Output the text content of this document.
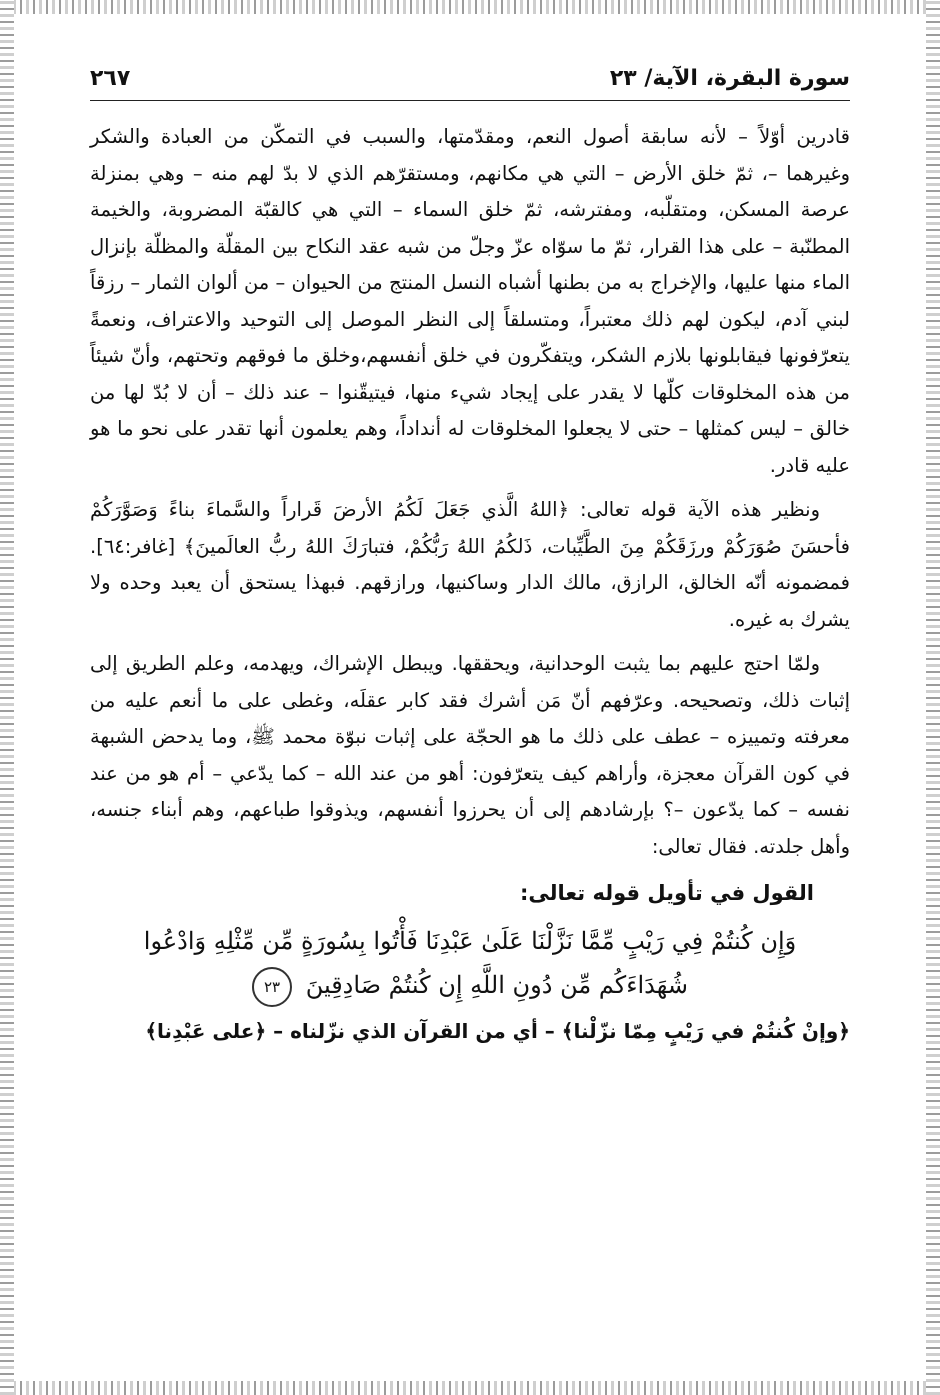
سورة البقرة، الآية/ ٢٣
٢٦٧

قادرين أوّلاً – لأنه سابقة أصول النعم، ومقدّمتها، والسبب في التمكّن من العبادة والشكر وغيرهما –، ثمّ خلق الأرض – التي هي مكانهم، ومستقرّهم الذي لا بدّ لهم منه – وهي بمنزلة عرصة المسكن، ومتقلّبه، ومفترشه، ثمّ خلق السماء – التي هي كالقبّة المضروبة، والخيمة المطنّبة – على هذا القرار، ثمّ ما سوّاه عزّ وجلّ من شبه عقد النكاح بين المقلّة والمظلّة بإنزال الماء منها عليها، والإخراج به من بطنها أشباه النسل المنتج من الحيوان – من ألوان الثمار – رزقاً لبني آدم، ليكون لهم ذلك معتبراً، ومتسلقاً إلى النظر الموصل إلى التوحيد والاعتراف، ونعمةً يتعرّفونها فيقابلونها بلازم الشكر، ويتفكّرون في خلق أنفسهم،وخلق ما فوقهم وتحتهم، وأنّ شيئاً من هذه المخلوقات كلّها لا يقدر على إيجاد شيء منها، فيتيقّنوا – عند ذلك – أن لا بُدّ لها من خالق – ليس كمثلها – حتى لا يجعلوا المخلوقات له أنداداً، وهم يعلمون أنها تقدر على نحو ما هو عليه قادر.

ونظير هذه الآية قوله تعالى: ﴿اللهُ الَّذي جَعَلَ لَكُمُ الأرضَ قَراراً والسَّماءَ بناءً وَصَوَّرَكُمْ فأحسَنَ صُوَرَكُمْ ورزَقَكُمْ مِنَ الطَّيِّبات، ذَلكُمُ اللهُ رَبُّكُمْ، فتبارَكَ اللهُ ربُّ العالَمينَ﴾ [غافر:٦٤]. فمضمونه أنّه الخالق، الرازق، مالك الدار وساكنيها، ورازقهم. فبهذا يستحق أن يعبد وحده ولا يشرك به غيره.

ولمّا احتج عليهم بما يثبت الوحدانية، ويحققها. ويبطل الإشراك، ويهدمه، وعلم الطريق إلى إثبات ذلك، وتصحيحه. وعرّفهم أنّ مَن أشرك فقد كابر عقلَه، وغطى على ما أنعم عليه من معرفته وتمييزه – عطف على ذلك ما هو الحجّة على إثبات نبوّة محمد ﷺ، وما يدحض الشبهة في كون القرآن معجزة، وأراهم كيف يتعرّفون: أهو من عند الله – كما يدّعي – أم هو من عند نفسه – كما يدّعون –؟ بإرشادهم إلى أن يحرزوا أنفسهم، ويذوقوا طباعهم، وهم أبناء جنسه، وأهل جلدته. فقال تعالى:

القول في تأويل قوله تعالى:
وَإِن كُنتُمْ فِي رَيْبٍ مِّمَّا نَزَّلْنَا عَلَىٰ عَبْدِنَا فَأْتُوا بِسُورَةٍ مِّن مِّثْلِهِ وَادْعُوا
شُهَدَاءَكُم مِّن دُونِ اللَّهِ إِن كُنتُمْ صَادِقِينَ ٢٣
﴿وإنْ كُنتُمْ في رَيْبٍ مِمّا نزّلْنا﴾ – أي من القرآن الذي نزّلناه – ﴿على عَبْدِنا﴾
